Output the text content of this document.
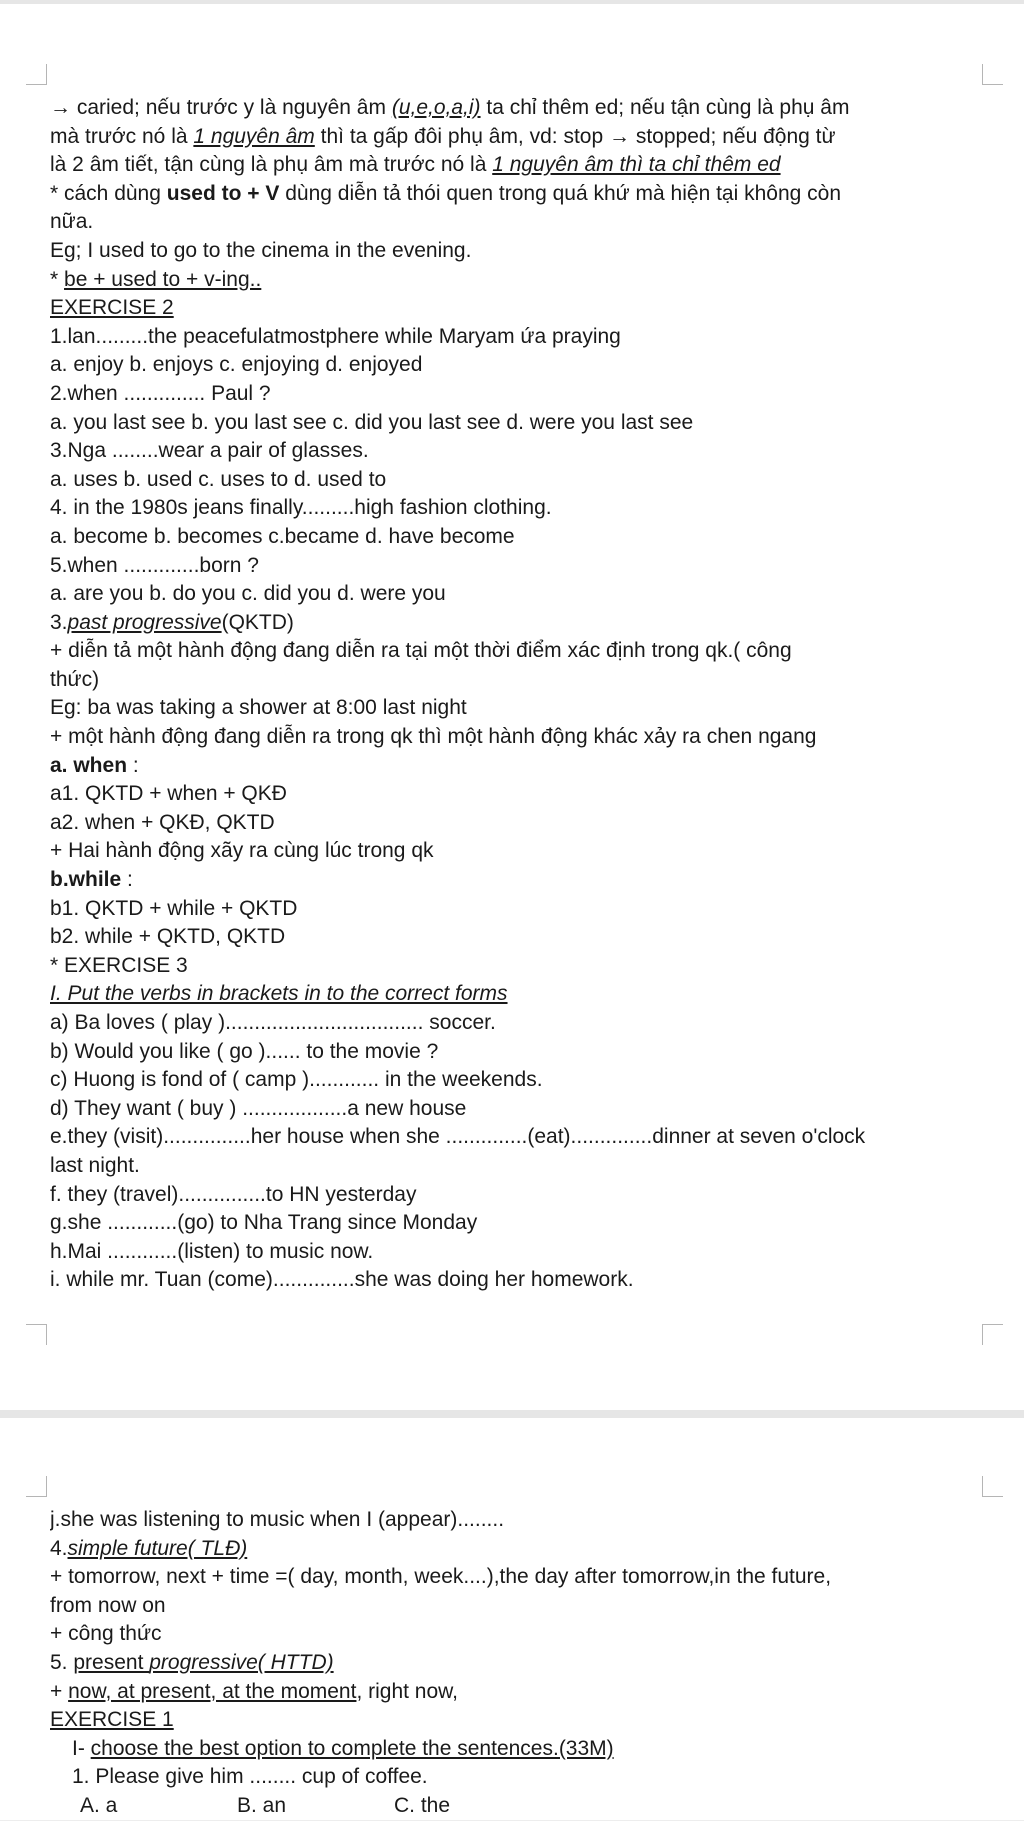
→ caried; nếu trước y là nguyên âm (u,e,o,a,i) ta chỉ thêm ed; nếu tận cùng là phụ âm
mà trước nó là 1 nguyên âm thì ta gấp đôi phụ âm, vd: stop → stopped; nếu động từ
là 2 âm tiết, tận cùng là phụ âm mà trước nó là 1 nguyên âm thì ta chỉ thêm ed
* cách dùng used to + V dùng diễn tả thói quen trong quá khứ mà hiện tại không còn
nữa.
Eg; I used to go to the cinema in the evening.
* be + used to + v-ing..
EXERCISE 2
1.lan.........the peacefulatmostphere while Maryam ứa praying
a. enjoy b. enjoys c. enjoying d. enjoyed
2.when .............. Paul ?
a. you last see b. you last see c. did you last see d. were you last see
3.Nga ........wear a pair of glasses.
a. uses b. used c. uses to d. used to
4. in the 1980s jeans finally.........high fashion clothing.
a. become b. becomes c.became d. have become
5.when .............born ?
a. are you b. do you c. did you d. were you
3.past progressive(QKTD)
+ diễn tả một hành động đang diễn ra tại một thời điểm xác định trong qk.( công
thức)
Eg: ba was taking a shower at 8:00 last night
+ một hành động đang diễn ra trong qk thì một hành động khác xảy ra chen ngang
a. when :
a1. QKTD + when + QKĐ
a2. when + QKĐ, QKTD
+ Hai hành động xãy ra cùng lúc trong qk
b.while :
b1. QKTD + while + QKTD
b2. while + QKTD, QKTD
* EXERCISE 3
I. Put the verbs in brackets in to the correct forms
a) Ba loves ( play ).................................. soccer.
b) Would you like ( go )...... to the movie ?
c) Huong is fond of ( camp )............ in the weekends.
d) They want ( buy ) ..................a new house
e.they (visit)...............her house when she ..............(eat)..............dinner at seven o'clock
last night.
f. they (travel)...............to HN yesterday
g.she ............(go) to Nha Trang since Monday
h.Mai ............(listen) to music now.
i. while mr. Tuan (come)..............she was doing her homework.
j.she was listening to music when I (appear)........
4.simple future( TLĐ)
+ tomorrow, next + time =( day, month, week....),the day after tomorrow,in the future,
from now on
+ công thức
5. present progressive( HTTD)
+ now, at present, at the moment, right now,
EXERCISE 1
I- choose the best option to complete the sentences.(33M)
1. Please give him ........ cup of coffee.
A. a	B. an	C. the
